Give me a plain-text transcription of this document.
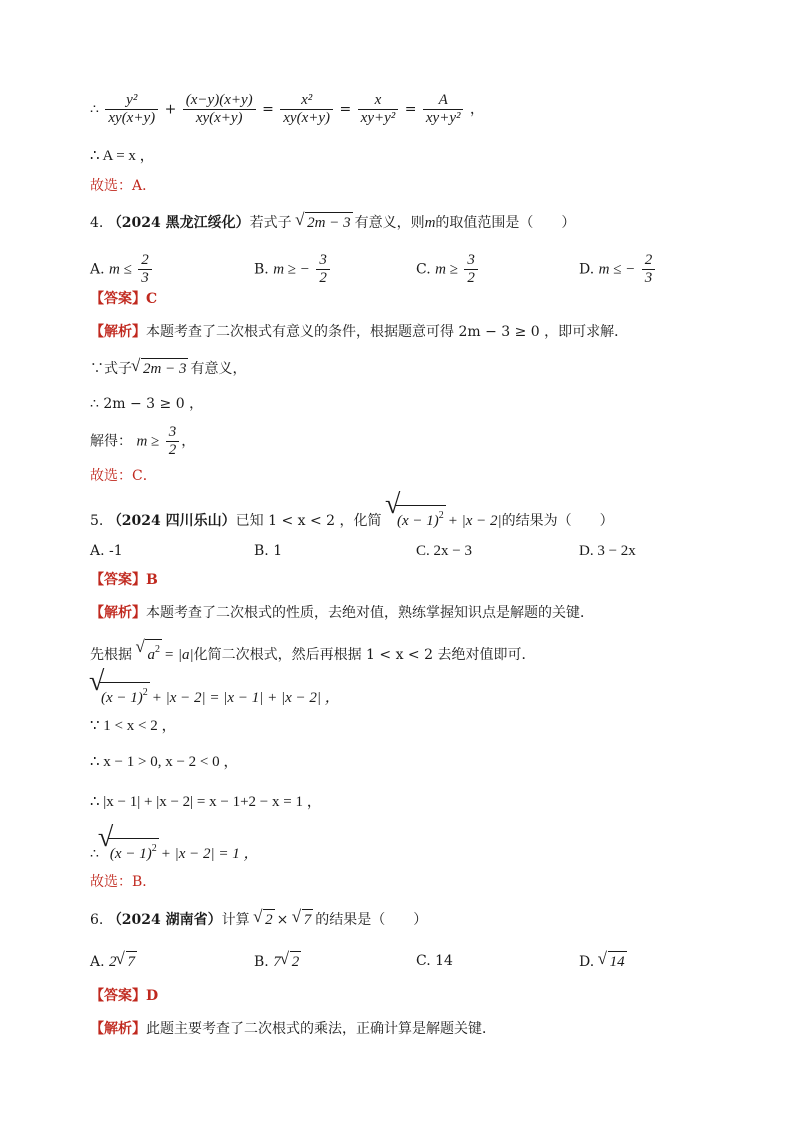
∴ $\frac{\text{y²}}{xy(x+y)} + \frac{(x-y)(x+y)}{xy(x+y)} = \frac{\text{x²}}{xy(x+y)} = \frac{x}{\text{xy+y²}} = \frac{A}{\text{xy+y²}}$ ，
∴ A = x ，
故选：A．
4. （2024 黑龙江绥化）若式子 √ 2m − 3 有意义，则m的取值范围是（　　）
A. $m \le \frac{2}{3}$	B. m ≥ − $\frac{3}{2}$	C. $m \ge \frac{3}{2}$	D. m ≤ − $\frac{2}{3}$
【答案】C
【解析】本题考查了二次根式有意义的条件，根据题意可得 2m − 3 ≥ 0 ，即可求解．
∵式子 √ 2m − 3 有意义，
∴ 2m − 3 ≥ 0 ，
解得： $m \ge \frac{3}{2}$ ，
故选：C．
5. （2024 四川乐山）已知 1 < x < 2 ，化简 √ $(x - 1)^2 + |x - 2|$的结果为（　　）
A. -1	B. 1	C. 2x − 3	D. 3 − 2x
【答案】B
【解析】本题考查了二次根式的性质，去绝对值，熟练掌握知识点是解题的关键．
先根据 √ $a^2 = |a|$化简二次根式，然后再根据 1 < x < 2 去绝对值即可．
√ $(x - 1)^2 + |x - 2| = |x - 1| + |x - 2|$ ，
∵ 1 < x < 2 ，
∴ x − 1 > 0, x − 2 < 0 ，
∴ |x − 1| + |x − 2| = x − 1+2 − x = 1 ，
∴ √ $(x - 1)^2 + |x - 2| = 1$ ，
故选：B．
6. （2024 湖南省）计算 √ 2 × √ 7 的结果是（　　）
A. 2 √ 7	B. 7 √ 2	C. 14	D. √ 14
【答案】D
【解析】此题主要考查了二次根式的乘法，正确计算是解题关键．
